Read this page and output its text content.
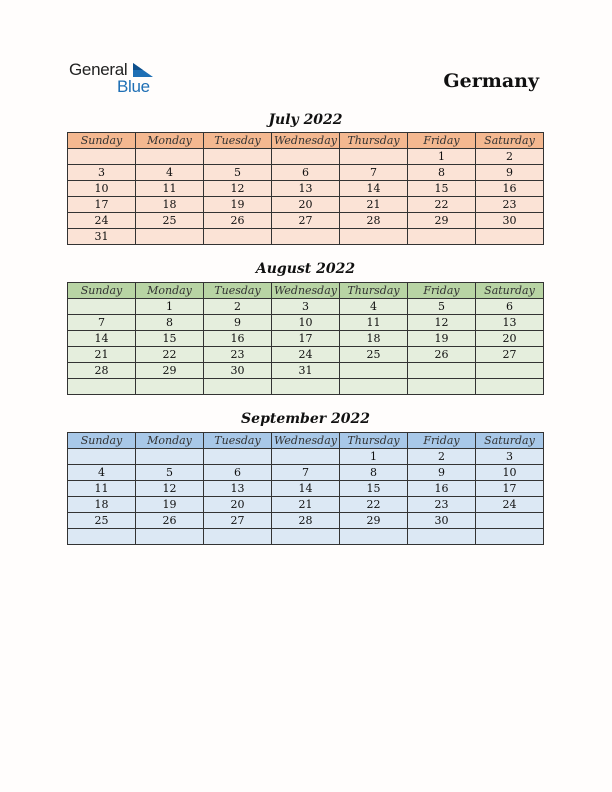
General
Blue	Germany
July 2022
Sunday	Monday	Tuesday	Wednesday	Thursday	Friday	Saturday
					1	2
3	4	5	6	7	8	9
10	11	12	13	14	15	16
17	18	19	20	21	22	23
24	25	26	27	28	29	30
31						
August 2022
Sunday	Monday	Tuesday	Wednesday	Thursday	Friday	Saturday
	1	2	3	4	5	6
7	8	9	10	11	12	13
14	15	16	17	18	19	20
21	22	23	24	25	26	27
28	29	30	31			

September 2022
Sunday	Monday	Tuesday	Wednesday	Thursday	Friday	Saturday
				1	2	3
4	5	6	7	8	9	10
11	12	13	14	15	16	17
18	19	20	21	22	23	24
25	26	27	28	29	30	
